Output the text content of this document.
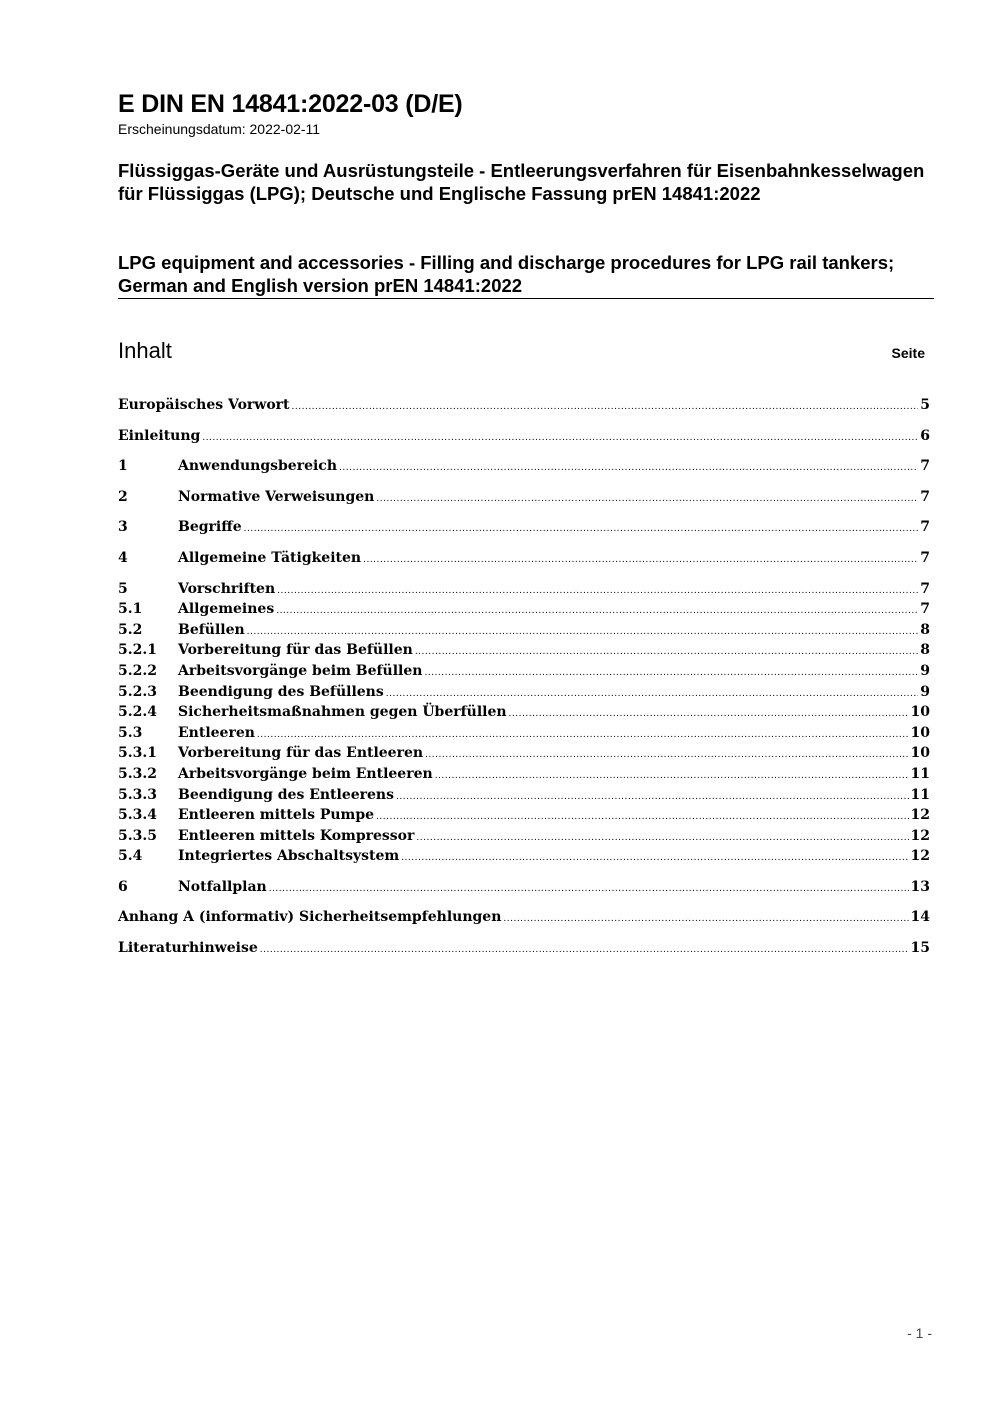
E DIN EN 14841:2022-03 (D/E)
Erscheinungsdatum: 2022-02-11
Flüssiggas-Geräte und Ausrüstungsteile - Entleerungsverfahren für Eisenbahnkesselwagen für Flüssiggas (LPG); Deutsche und Englische Fassung prEN 14841:2022
LPG equipment and accessories - Filling and discharge procedures for LPG rail tankers; German and English version prEN 14841:2022
Inhalt	Seite
Europäisches Vorwort .....	5
Einleitung .....	6
1	Anwendungsbereich .....	7
2	Normative Verweisungen .....	7
3	Begriffe .....	7
4	Allgemeine Tätigkeiten .....	7
5	Vorschriften .....	7
5.1	Allgemeines .....	7
5.2	Befüllen .....	8
5.2.1	Vorbereitung für das Befüllen .....	8
5.2.2	Arbeitsvorgänge beim Befüllen .....	9
5.2.3	Beendigung des Befüllens .....	9
5.2.4	Sicherheitsmaßnahmen gegen Überfüllen .....	10
5.3	Entleeren .....	10
5.3.1	Vorbereitung für das Entleeren .....	10
5.3.2	Arbeitsvorgänge beim Entleeren .....	11
5.3.3	Beendigung des Entleerens .....	11
5.3.4	Entleeren mittels Pumpe .....	12
5.3.5	Entleeren mittels Kompressor .....	12
5.4	Integriertes Abschaltsystem .....	12
6	Notfallplan .....	13
Anhang A (informativ) Sicherheitsempfehlungen .....	14
Literaturhinweise .....	15
- 1 -
